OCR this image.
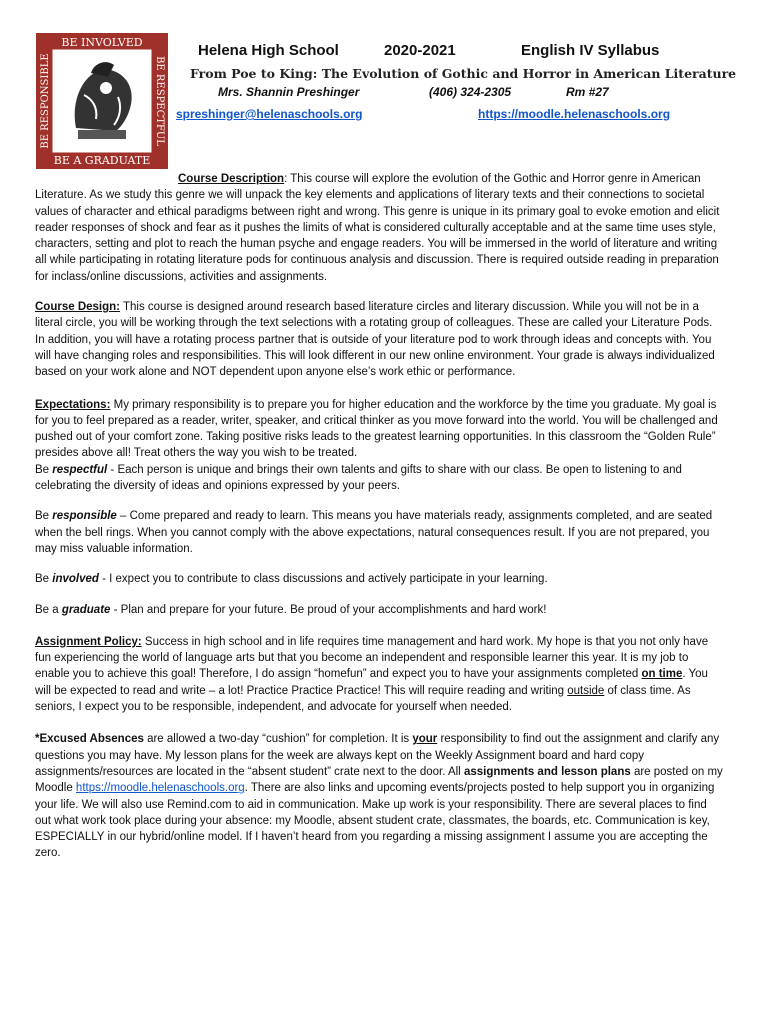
BE INVOLVED
BE A GRADUATE
BE RESPONSIBLE	BE RESPECTFUL
Helena High School	2020-2021	English IV Syllabus
From Poe to King: The Evolution of Gothic and Horror in American Literature
Mrs. Shannin Preshinger	(406) 324-2305	Rm #27
spreshinger@helenaschools.org	https://moodle.helenaschools.org

Course Description: This course will explore the evolution of the Gothic and Horror genre in American Literature. As we study this genre we will unpack the key elements and applications of literary texts and their connections to societal values of character and ethical paradigms between right and wrong. This genre is unique in its primary goal to evoke emotion and elicit reader responses of shock and fear as it pushes the limits of what is considered culturally acceptable and at the same time uses style, characters, setting and plot to reach the human psyche and engage readers. You will be immersed in the world of literature and writing all while participating in rotating literature pods for continuous analysis and discussion. There is required outside reading in preparation for inclass/online discussions, activities and assignments.

Course Design: This course is designed around research based literature circles and literary discussion. While you will not be in a literal circle, you will be working through the text selections with a rotating group of colleagues. These are called your Literature Pods. In addition, you will have a rotating process partner that is outside of your literature pod to work through ideas and concepts with. You will have changing roles and responsibilities. This will look different in our new online environment. Your grade is always individualized based on your work alone and NOT dependent upon anyone else’s work ethic or performance.

Expectations: My primary responsibility is to prepare you for higher education and the workforce by the time you graduate. My goal is for you to feel prepared as a reader, writer, speaker, and critical thinker as you move forward into the world. You will be challenged and pushed out of your comfort zone. Taking positive risks leads to the greatest learning opportunities. In this classroom the “Golden Rule” presides above all! Treat others the way you wish to be treated.

Be respectful - Each person is unique and brings their own talents and gifts to share with our class. Be open to listening to and celebrating the diversity of ideas and opinions expressed by your peers.

Be responsible – Come prepared and ready to learn. This means you have materials ready, assignments completed, and are seated when the bell rings. When you cannot comply with the above expectations, natural consequences result. If you are not prepared, you may miss valuable information.

Be involved - I expect you to contribute to class discussions and actively participate in your learning.

Be a graduate - Plan and prepare for your future. Be proud of your accomplishments and hard work!

Assignment Policy: Success in high school and in life requires time management and hard work. My hope is that you not only have fun experiencing the world of language arts but that you become an independent and responsible learner this year. It is my job to enable you to achieve this goal! Therefore, I do assign “homefun” and expect you to have your assignments completed on time. You will be expected to read and write – a lot! Practice Practice Practice! This will require reading and writing outside of class time. As seniors, I expect you to be responsible, independent, and advocate for yourself when needed.

*Excused Absences are allowed a two-day “cushion” for completion. It is your responsibility to find out the assignment and clarify any questions you may have. My lesson plans for the week are always kept on the Weekly Assignment board and hard copy assignments/resources are located in the “absent student” crate next to the door. All assignments and lesson plans are posted on my Moodle https://moodle.helenaschools.org. There are also links and upcoming events/projects posted to help support you in organizing your life. We will also use Remind.com to aid in communication. Make up work is your responsibility. There are several places to find out what work took place during your absence: my Moodle, absent student crate, classmates, the boards, etc. Communication is key, ESPECIALLY in our hybrid/online model. If I haven’t heard from you regarding a missing assignment I assume you are accepting the zero.
